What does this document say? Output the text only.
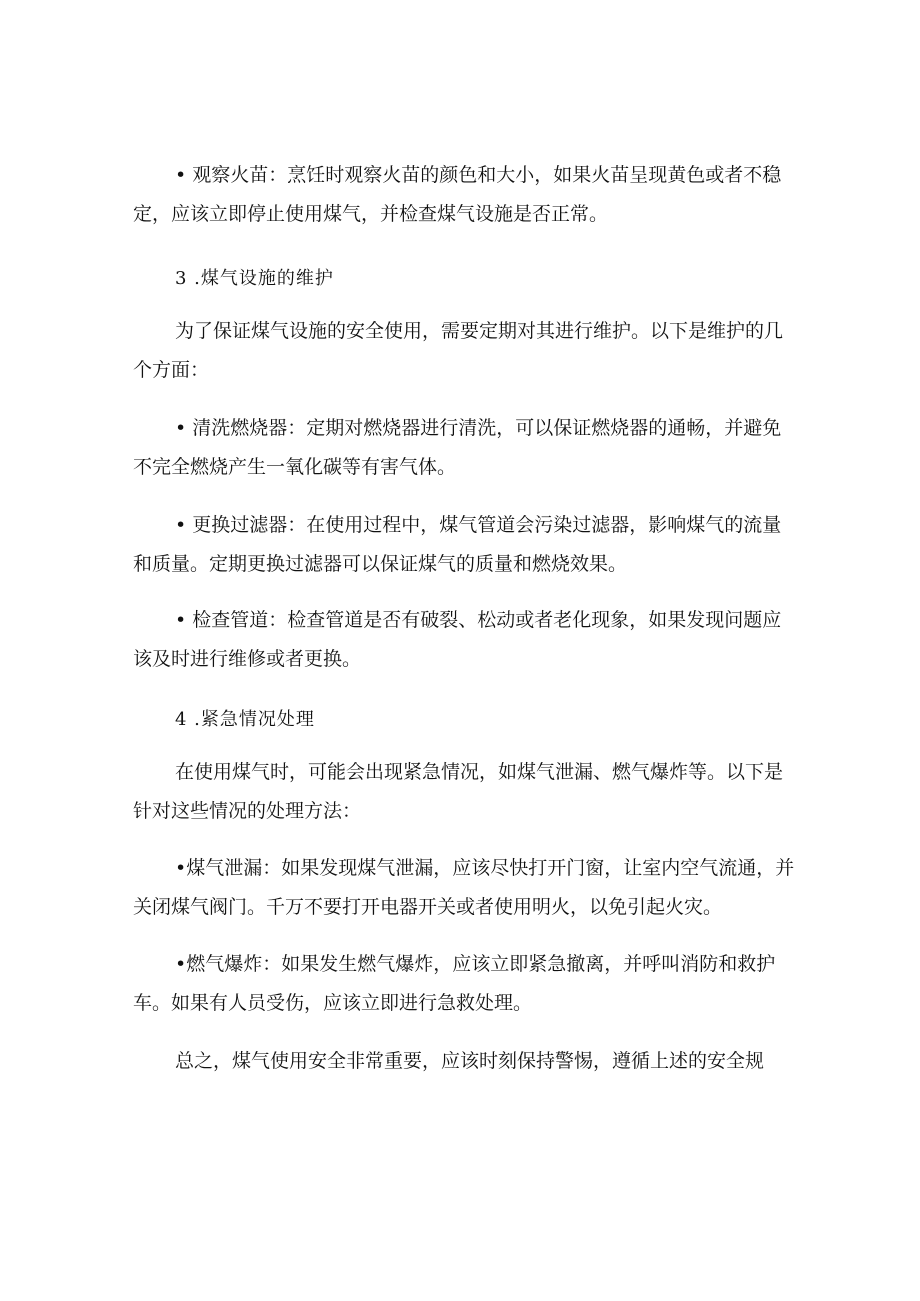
• 观察火苗：烹饪时观察火苗的颜色和大小，如果火苗呈现黄色或者不稳定，应该立即停止使用煤气，并检查煤气设施是否正常。

3 .煤气设施的维护

为了保证煤气设施的安全使用，需要定期对其进行维护。以下是维护的几个方面：

• 清洗燃烧器：定期对燃烧器进行清洗，可以保证燃烧器的通畅，并避免不完全燃烧产生一氧化碳等有害气体。

• 更换过滤器：在使用过程中，煤气管道会污染过滤器，影响煤气的流量和质量。定期更换过滤器可以保证煤气的质量和燃烧效果。

• 检查管道：检查管道是否有破裂、松动或者老化现象，如果发现问题应该及时进行维修或者更换。

4 .紧急情况处理

在使用煤气时，可能会出现紧急情况，如煤气泄漏、燃气爆炸等。以下是针对这些情况的处理方法：

•煤气泄漏：如果发现煤气泄漏，应该尽快打开门窗，让室内空气流通，并关闭煤气阀门。千万不要打开电器开关或者使用明火，以免引起火灾。

•燃气爆炸：如果发生燃气爆炸，应该立即紧急撤离，并呼叫消防和救护车。如果有人员受伤，应该立即进行急救处理。

总之，煤气使用安全非常重要，应该时刻保持警惕，遵循上述的安全规
